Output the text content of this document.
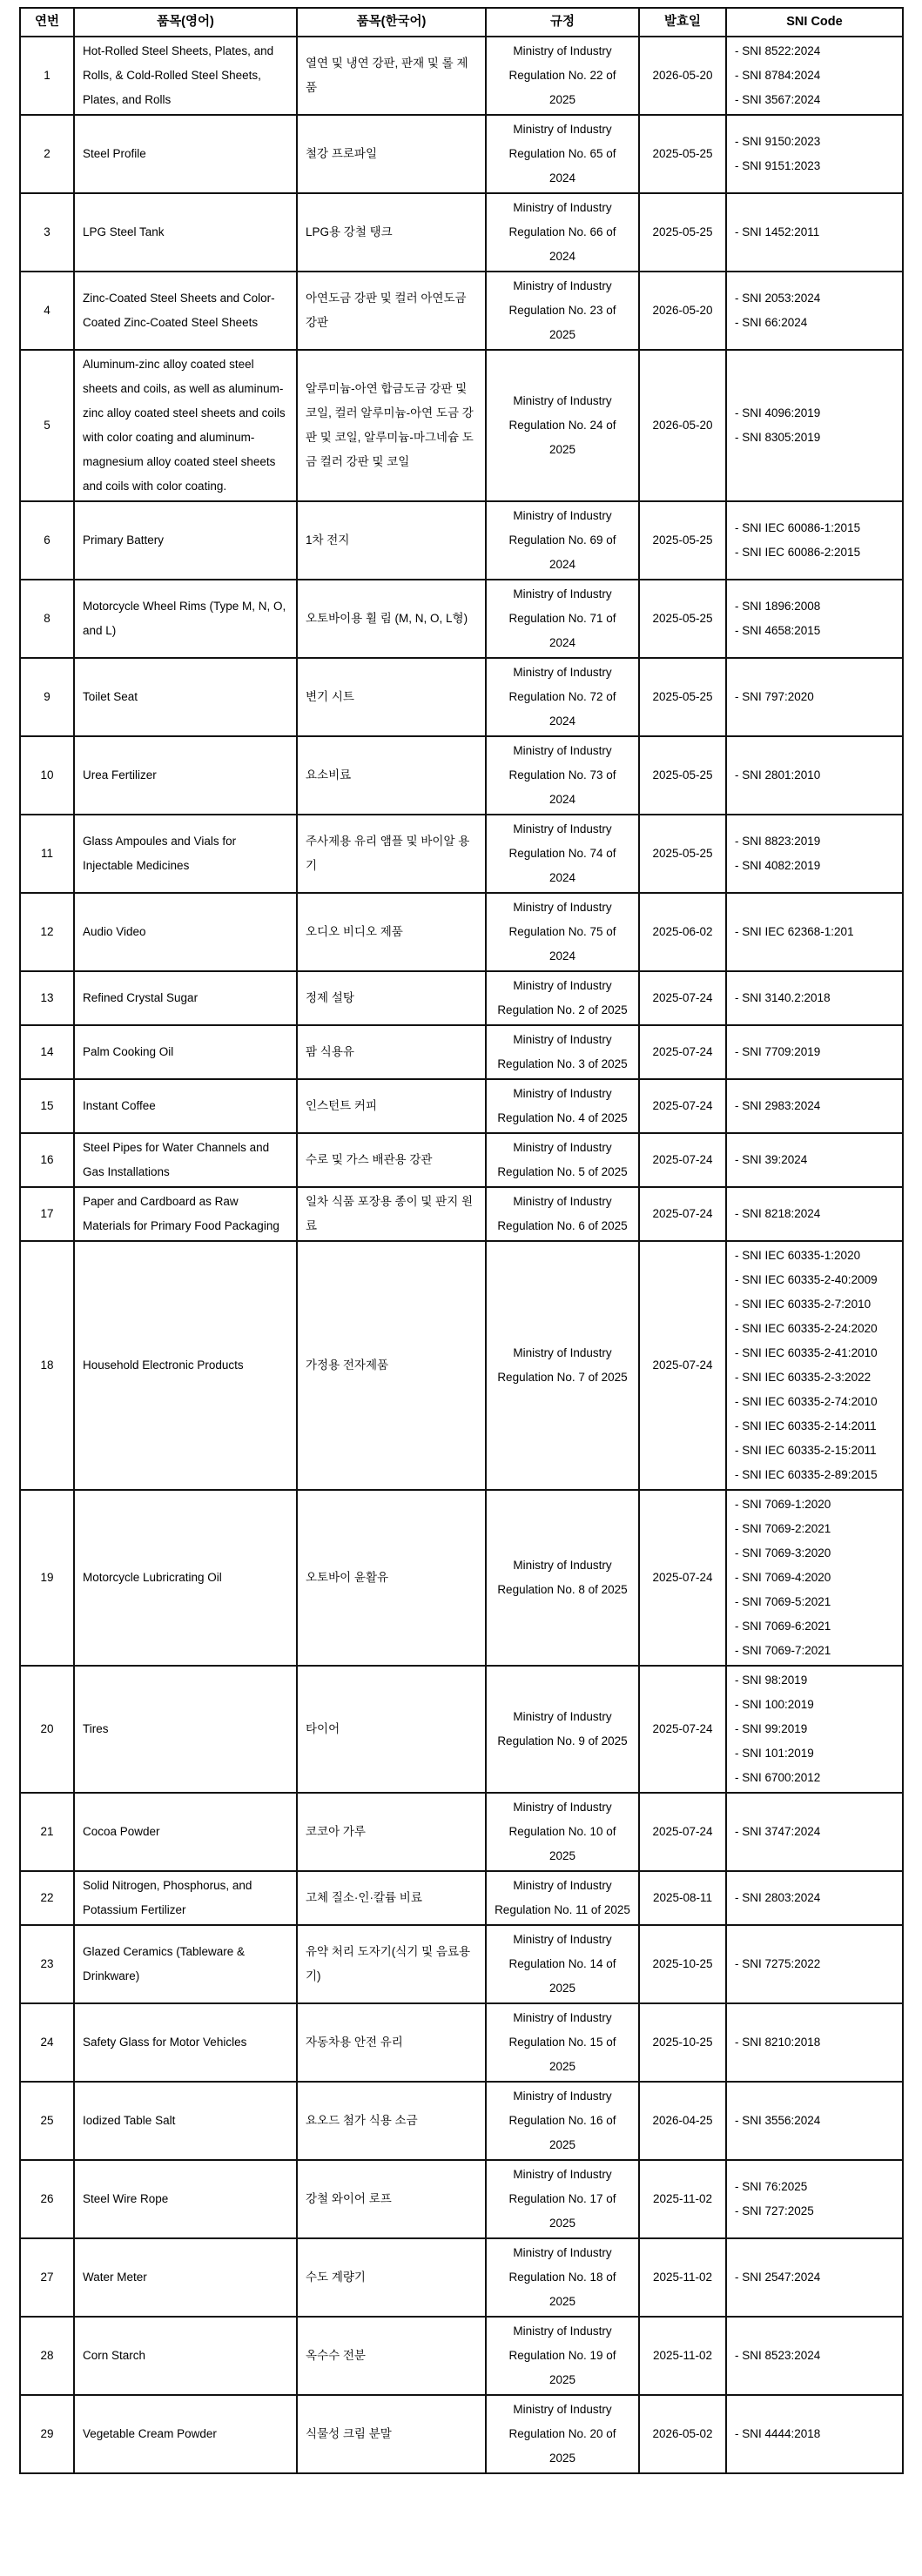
연번	품목(영어)	품목(한국어)	규정	발효일	SNI Code
1	Hot-Rolled Steel Sheets, Plates, and Rolls, & Cold-Rolled Steel Sheets, Plates, and Rolls	열연 및 냉연 강판, 판재 및 롤 제품	Ministry of Industry Regulation No. 22 of 2025	2026-05-20	- SNI 8522:2024
- SNI 8784:2024
- SNI 3567:2024

2	Steel Profile	철강 프로파일	Ministry of Industry Regulation No. 65 of 2024	2025-05-25	- SNI 9150:2023
- SNI 9151:2023

3	LPG Steel Tank	LPG용 강철 탱크	Ministry of Industry Regulation No. 66 of 2024	2025-05-25	- SNI 1452:2011

4	Zinc-Coated Steel Sheets and Color-Coated Zinc-Coated Steel Sheets	아연도금 강판 및 컬러 아연도금 강판	Ministry of Industry Regulation No. 23 of 2025	2026-05-20	- SNI 2053:2024
- SNI 66:2024

5	Aluminum-zinc alloy coated steel sheets and coils, as well as aluminum-zinc alloy coated steel sheets and coils with color coating and aluminum-magnesium alloy coated steel sheets and coils with color coating.	알루미늄-아연 합금도금 강판 및 코일, 컬러 알루미늄-아연 도금 강판 및 코일, 알루미늄-마그네슘 도금 컬러 강판 및 코일	Ministry of Industry Regulation No. 24 of 2025	2026-05-20	- SNI 4096:2019
- SNI 8305:2019

6	Primary Battery	1차 전지	Ministry of Industry Regulation No. 69 of 2024	2025-05-25	- SNI IEC 60086-1:2015
- SNI IEC 60086-2:2015

8	Motorcycle Wheel Rims (Type M, N, O, and L)	오토바이용 휠 림 (M, N, O, L형)	Ministry of Industry Regulation No. 71 of 2024	2025-05-25	- SNI 1896:2008
- SNI 4658:2015

9	Toilet Seat	변기 시트	Ministry of Industry Regulation No. 72 of 2024	2025-05-25	- SNI 797:2020

10	Urea Fertilizer	요소비료	Ministry of Industry Regulation No. 73 of 2024	2025-05-25	- SNI 2801:2010

11	Glass Ampoules and Vials for Injectable Medicines	주사제용 유리 앰플 및 바이알 용기	Ministry of Industry Regulation No. 74 of 2024	2025-05-25	- SNI 8823:2019
- SNI 4082:2019

12	Audio Video	오디오 비디오 제품	Ministry of Industry Regulation No. 75 of 2024	2025-06-02	- SNI IEC 62368-1:201

13	Refined Crystal Sugar	정제 설탕	Ministry of Industry Regulation No. 2 of 2025	2025-07-24	- SNI 3140.2:2018

14	Palm Cooking Oil	팜 식용유	Ministry of Industry Regulation No. 3 of 2025	2025-07-24	- SNI 7709:2019

15	Instant Coffee	인스턴트 커피	Ministry of Industry Regulation No. 4 of 2025	2025-07-24	- SNI 2983:2024

16	Steel Pipes for Water Channels and Gas Installations	수로 및 가스 배관용 강관	Ministry of Industry Regulation No. 5 of 2025	2025-07-24	- SNI 39:2024

17	Paper and Cardboard as Raw Materials for Primary Food Packaging	일차 식품 포장용 종이 및 판지 원료	Ministry of Industry Regulation No. 6 of 2025	2025-07-24	- SNI 8218:2024

18	Household Electronic Products	가정용 전자제품	Ministry of Industry Regulation No. 7 of 2025	2025-07-24	
- SNI IEC 60335-1:2020
- SNI IEC 60335-2-40:2009
- SNI IEC 60335-2-7:2010
- SNI IEC 60335-2-24:2020
- SNI IEC 60335-2-41:2010
- SNI IEC 60335-2-3:2022
- SNI IEC 60335-2-74:2010
- SNI IEC 60335-2-14:2011
- SNI IEC 60335-2-15:2011
- SNI IEC 60335-2-89:2015

19	Motorcycle Lubricrating Oil	오토바이 윤활유	Ministry of Industry Regulation No. 8 of 2025	2025-07-24	
- SNI 7069-1:2020
- SNI 7069-2:2021
- SNI 7069-3:2020
- SNI 7069-4:2020
- SNI 7069-5:2021
- SNI 7069-6:2021
- SNI 7069-7:2021

20	Tires	타이어	Ministry of Industry Regulation No. 9 of 2025	2025-07-24	- SNI 98:2019
- SNI 100:2019
- SNI 99:2019
- SNI 101:2019
- SNI 6700:2012

21	Cocoa Powder	코코아 가루	Ministry of Industry Regulation No. 10 of 2025	2025-07-24	- SNI 3747:2024

22	Solid Nitrogen, Phosphorus, and Potassium Fertilizer	고체 질소·인·칼륨 비료	Ministry of Industry Regulation No. 11 of 2025	2025-08-11	- SNI 2803:2024

23	Glazed Ceramics (Tableware & Drinkware)	유약 처리 도자기(식기 및 음료용기)	Ministry of Industry Regulation No. 14 of 2025	2025-10-25	- SNI 7275:2022

24	Safety Glass for Motor Vehicles	자동차용 안전 유리	Ministry of Industry Regulation No. 15 of 2025	2025-10-25	- SNI 8210:2018

25	Iodized Table Salt	요오드 첨가 식용 소금	Ministry of Industry Regulation No. 16 of 2025	2026-04-25	- SNI 3556:2024

26	Steel Wire Rope	강철 와이어 로프	Ministry of Industry Regulation No. 17 of 2025	2025-11-02	- SNI 76:2025
- SNI 727:2025

27	Water Meter	수도 계량기	Ministry of Industry Regulation No. 18 of 2025	2025-11-02	- SNI 2547:2024

28	Corn Starch	옥수수 전분	Ministry of Industry Regulation No. 19 of 2025	2025-11-02	- SNI 8523:2024

29	Vegetable Cream Powder	식물성 크림 분말	Ministry of Industry Regulation No. 20 of 2025	2026-05-02	- SNI 4444:2018
